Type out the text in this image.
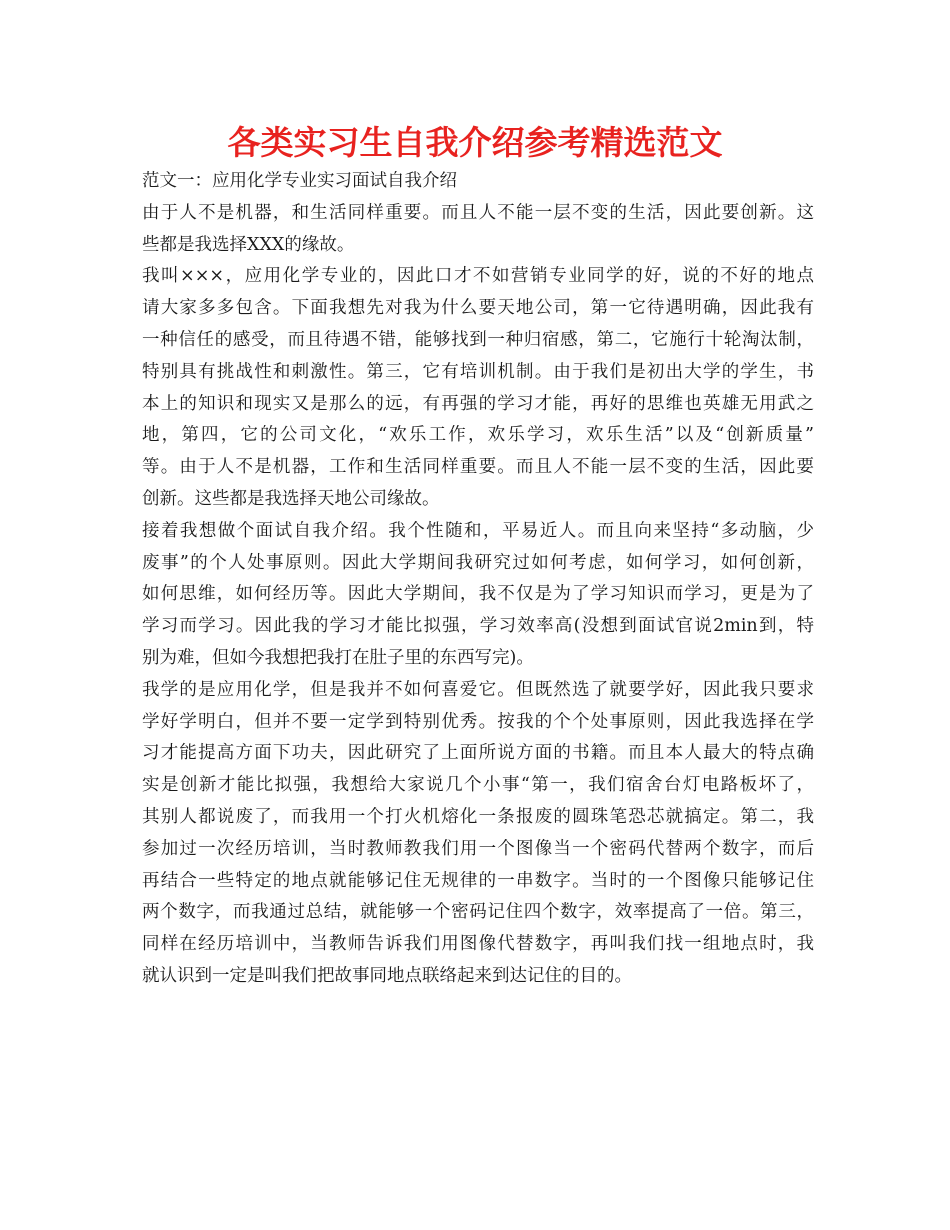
各类实习生自我介绍参考精选范文
范文一：应用化学专业实习面试自我介绍
由于人不是机器，和生活同样重要。而且人不能一层不变的生活，因此要创新。这
些都是我选择XXX的缘故。
我叫×××，应用化学专业的，因此口才不如营销专业同学的好，说的不好的地点
请大家多多包含。下面我想先对我为什么要天地公司，第一它待遇明确，因此我有
一种信任的感受，而且待遇不错，能够找到一种归宿感，第二，它施行十轮淘汰制，
特别具有挑战性和刺激性。第三，它有培训机制。由于我们是初出大学的学生，书
本上的知识和现实又是那么的远，有再强的学习才能，再好的思维也英雄无用武之
地，第四，它的公司文化，“欢乐工作，欢乐学习，欢乐生活”以及“创新质量”
等。由于人不是机器，工作和生活同样重要。而且人不能一层不变的生活，因此要
创新。这些都是我选择天地公司缘故。
接着我想做个面试自我介绍。我个性随和，平易近人。而且向来坚持“多动脑，少
废事”的个人处事原则。因此大学期间我研究过如何考虑，如何学习，如何创新，
如何思维，如何经历等。因此大学期间，我不仅是为了学习知识而学习，更是为了
学习而学习。因此我的学习才能比拟强，学习效率高(没想到面试官说2min到，特
别为难，但如今我想把我打在肚子里的东西写完)。
我学的是应用化学，但是我并不如何喜爱它。但既然选了就要学好，因此我只要求
学好学明白，但并不要一定学到特别优秀。按我的个个处事原则，因此我选择在学
习才能提高方面下功夫，因此研究了上面所说方面的书籍。而且本人最大的特点确
实是创新才能比拟强，我想给大家说几个小事“第一，我们宿舍台灯电路板坏了，
其别人都说废了，而我用一个打火机熔化一条报废的圆珠笔恐芯就搞定。第二，我
参加过一次经历培训，当时教师教我们用一个图像当一个密码代替两个数字，而后
再结合一些特定的地点就能够记住无规律的一串数字。当时的一个图像只能够记住
两个数字，而我通过总结，就能够一个密码记住四个数字，效率提高了一倍。第三，
同样在经历培训中，当教师告诉我们用图像代替数字，再叫我们找一组地点时，我
就认识到一定是叫我们把故事同地点联络起来到达记住的目的。
